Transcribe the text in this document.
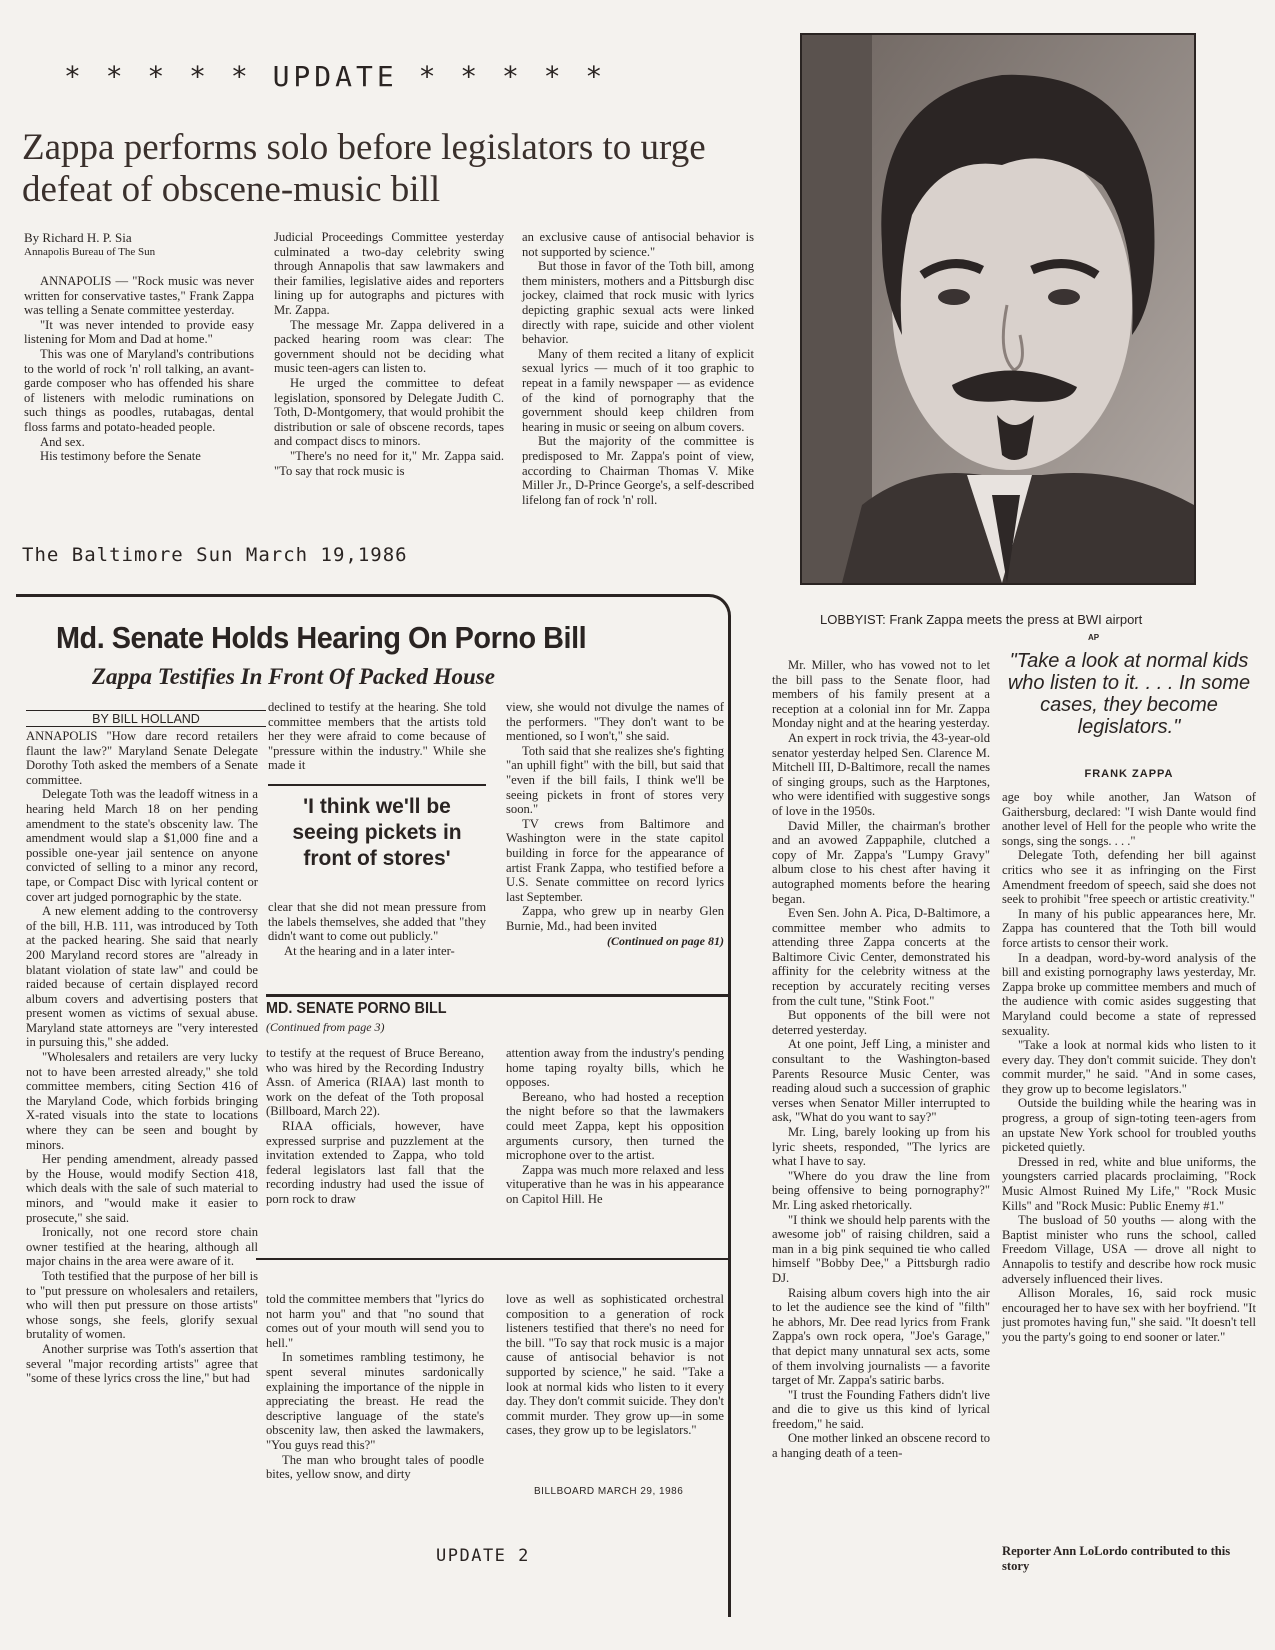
* * * * * UPDATE * * * * *
Zappa performs solo before legislators to urge defeat of obscene-music bill
By Richard H. P. Sia
Annapolis Bureau of The Sun

ANNAPOLIS — "Rock music was never written for conservative tastes," Frank Zappa was telling a Senate committee yesterday.

"It was never intended to provide easy listening for Mom and Dad at home."

This was one of Maryland's contributions to the world of rock 'n' roll talking, an avant-garde composer who has offended his share of listeners with melodic ruminations on such things as poodles, rutabagas, dental floss farms and potato-headed people.

And sex.

His testimony before the Senate

Judicial Proceedings Committee yesterday culminated a two-day celebrity swing through Annapolis that saw lawmakers and their families, legislative aides and reporters lining up for autographs and pictures with Mr. Zappa.

The message Mr. Zappa delivered in a packed hearing room was clear: The government should not be deciding what music teen-agers can listen to.

He urged the committee to defeat legislation, sponsored by Delegate Judith C. Toth, D-Montgomery, that would prohibit the distribution or sale of obscene records, tapes and compact discs to minors.

"There's no need for it," Mr. Zappa said. "To say that rock music is

an exclusive cause of antisocial behavior is not supported by science."

But those in favor of the Toth bill, among them ministers, mothers and a Pittsburgh disc jockey, claimed that rock music with lyrics depicting graphic sexual acts were linked directly with rape, suicide and other violent behavior.

Many of them recited a litany of explicit sexual lyrics — much of it too graphic to repeat in a family newspaper — as evidence of the kind of pornography that the government should keep children from hearing in music or seeing on album covers.

But the majority of the committee is predisposed to Mr. Zappa's point of view, according to Chairman Thomas V. Mike Miller Jr., D-Prince George's, a self-described lifelong fan of rock 'n' roll.

The Baltimore Sun March 19,1986
LOBBYIST: Frank Zappa meets the press at BWI airport
AP
Md. Senate Holds Hearing On Porno Bill
Zappa Testifies In Front Of Packed House
BY BILL HOLLAND

ANNAPOLIS "How dare record retailers flaunt the law?" Maryland Senate Delegate Dorothy Toth asked the members of a Senate committee.

Delegate Toth was the leadoff witness in a hearing held March 18 on her pending amendment to the state's obscenity law. The amendment would slap a $1,000 fine and a possible one-year jail sentence on anyone convicted of selling to a minor any record, tape, or Compact Disc with lyrical content or cover art judged pornographic by the state.

A new element adding to the controversy of the bill, H.B. 111, was introduced by Toth at the packed hearing. She said that nearly 200 Maryland record stores are "already in blatant violation of state law" and could be raided because of certain displayed record album covers and advertising posters that present women as victims of sexual abuse. Maryland state attorneys are "very interested in pursuing this," she added.

"Wholesalers and retailers are very lucky not to have been arrested already," she told committee members, citing Section 416 of the Maryland Code, which forbids bringing X-rated visuals into the state to locations where they can be seen and bought by minors.

Her pending amendment, already passed by the House, would modify Section 418, which deals with the sale of such material to minors, and "would make it easier to prosecute," she said.

Ironically, not one record store chain owner testified at the hearing, although all major chains in the area were aware of it.

Toth testified that the purpose of her bill is to "put pressure on wholesalers and retailers, who will then put pressure on those artists" whose songs, she feels, glorify sexual brutality of women.

Another surprise was Toth's assertion that several "major recording artists" agree that "some of these lyrics cross the line," but had

declined to testify at the hearing. She told committee members that the artists told her they were afraid to come because of "pressure within the industry." While she made it

'I think we'll be seeing pickets in front of stores'

clear that she did not mean pressure from the labels themselves, she added that "they didn't want to come out publicly."

At the hearing and in a later inter-

view, she would not divulge the names of the performers. "They don't want to be mentioned, so I won't," she said.

Toth said that she realizes she's fighting "an uphill fight" with the bill, but said that "even if the bill fails, I think we'll be seeing pickets in front of stores very soon."

TV crews from Baltimore and Washington were in the state capitol building in force for the appearance of artist Frank Zappa, who testified before a U.S. Senate committee on record lyrics last September.

Zappa, who grew up in nearby Glen Burnie, Md., had been invited

(Continued on page 81)
MD. SENATE PORNO BILL
(Continued from page 3)

to testify at the request of Bruce Bereano, who was hired by the Recording Industry Assn. of America (RIAA) last month to work on the defeat of the Toth proposal (Billboard, March 22).

RIAA officials, however, have expressed surprise and puzzlement at the invitation extended to Zappa, who told federal legislators last fall that the recording industry had used the issue of porn rock to draw

attention away from the industry's pending home taping royalty bills, which he opposes.

Bereano, who had hosted a reception the night before so that the lawmakers could meet Zappa, kept his opposition arguments cursory, then turned the microphone over to the artist.

Zappa was much more relaxed and less vituperative than he was in his appearance on Capitol Hill. He

told the committee members that "lyrics do not harm you" and that "no sound that comes out of your mouth will send you to hell."

In sometimes rambling testimony, he spent several minutes sardonically explaining the importance of the nipple in appreciating the breast. He read the descriptive language of the state's obscenity law, then asked the lawmakers, "You guys read this?"

The man who brought tales of poodle bites, yellow snow, and dirty

love as well as sophisticated orchestral composition to a generation of rock listeners testified that there's no need for the bill. "To say that rock music is a major cause of antisocial behavior is not supported by science," he said. "Take a look at normal kids who listen to it every day. They don't commit suicide. They don't commit murder. They grow up—in some cases, they grow up to be legislators."

BILLBOARD MARCH 29, 1986
UPDATE 2

Mr. Miller, who has vowed not to let the bill pass to the Senate floor, had members of his family present at a reception at a colonial inn for Mr. Zappa Monday night and at the hearing yesterday.

An expert in rock trivia, the 43-year-old senator yesterday helped Sen. Clarence M. Mitchell III, D-Baltimore, recall the names of singing groups, such as the Harptones, who were identified with suggestive songs of love in the 1950s.

David Miller, the chairman's brother and an avowed Zappaphile, clutched a copy of Mr. Zappa's "Lumpy Gravy" album close to his chest after having it autographed moments before the hearing began.

Even Sen. John A. Pica, D-Baltimore, a committee member who admits to attending three Zappa concerts at the Baltimore Civic Center, demonstrated his affinity for the celebrity witness at the reception by accurately reciting verses from the cult tune, "Stink Foot."

But opponents of the bill were not deterred yesterday.

At one point, Jeff Ling, a minister and consultant to the Washington-based Parents Resource Music Center, was reading aloud such a succession of graphic verses when Senator Miller interrupted to ask, "What do you want to say?"

Mr. Ling, barely looking up from his lyric sheets, responded, "The lyrics are what I have to say.

"Where do you draw the line from being offensive to being pornography?" Mr. Ling asked rhetorically.

"I think we should help parents with the awesome job" of raising children, said a man in a big pink sequined tie who called himself "Bobby Dee," a Pittsburgh radio DJ.

Raising album covers high into the air to let the audience see the kind of "filth" he abhors, Mr. Dee read lyrics from Frank Zappa's own rock opera, "Joe's Garage," that depict many unnatural sex acts, some of them involving journalists — a favorite target of Mr. Zappa's satiric barbs.

"I trust the Founding Fathers didn't live and die to give us this kind of lyrical freedom," he said.

One mother linked an obscene record to a hanging death of a teen-

"Take a look at normal kids who listen to it. . . . In some cases, they become legislators."
FRANK ZAPPA

age boy while another, Jan Watson of Gaithersburg, declared: "I wish Dante would find another level of Hell for the people who write the songs, sing the songs. . . ."

Delegate Toth, defending her bill against critics who see it as infringing on the First Amendment freedom of speech, said she does not seek to prohibit "free speech or artistic creativity."

In many of his public appearances here, Mr. Zappa has countered that the Toth bill would force artists to censor their work.

In a deadpan, word-by-word analysis of the bill and existing pornography laws yesterday, Mr. Zappa broke up committee members and much of the audience with comic asides suggesting that Maryland could become a state of repressed sexuality.

"Take a look at normal kids who listen to it every day. They don't commit suicide. They don't commit murder," he said. "And in some cases, they grow up to become legislators."

Outside the building while the hearing was in progress, a group of sign-toting teen-agers from an upstate New York school for troubled youths picketed quietly.

Dressed in red, white and blue uniforms, the youngsters carried placards proclaiming, "Rock Music Almost Ruined My Life," "Rock Music Kills" and "Rock Music: Public Enemy #1."

The busload of 50 youths — along with the Baptist minister who runs the school, called Freedom Village, USA — drove all night to Annapolis to testify and describe how rock music adversely influenced their lives.

Allison Morales, 16, said rock music encouraged her to have sex with her boyfriend. "It just promotes having fun," she said. "It doesn't tell you the party's going to end sooner or later."

Reporter Ann LoLordo contributed to this story
